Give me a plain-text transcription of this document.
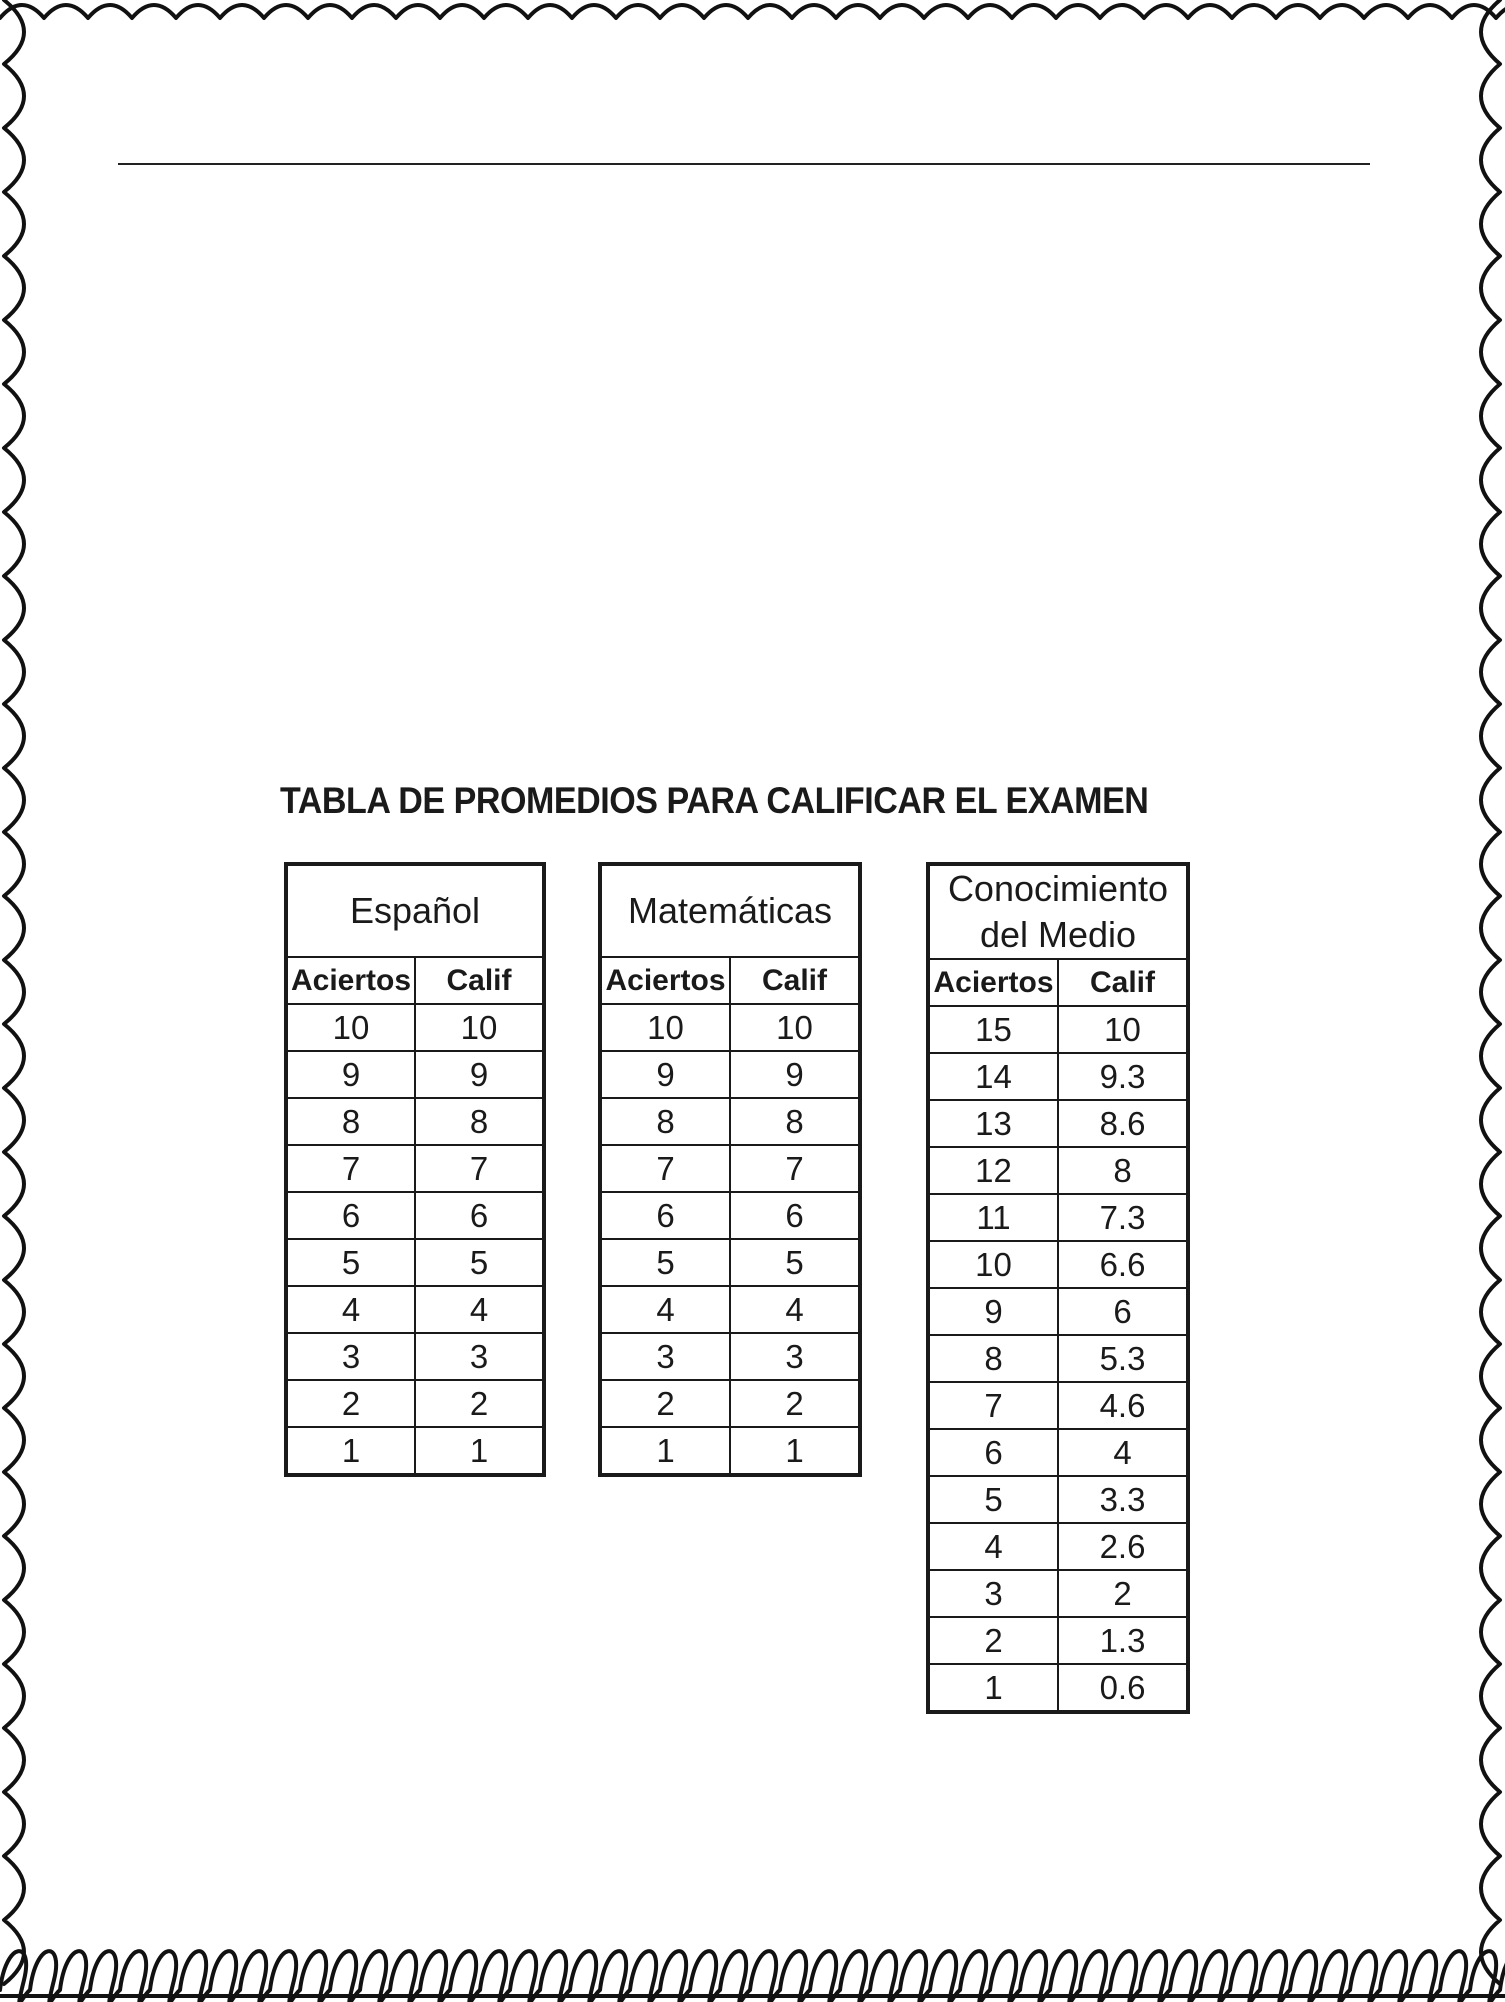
TABLA DE PROMEDIOS PARA CALIFICAR EL EXAMEN
Español	
Aciertos	Calif
10	10
9	9
8	8
7	7
6	6
5	5
4	4
3	3
2	2
1	1
Matemáticas	
Aciertos	Calif
10	10
9	9
8	8
7	7
6	6
5	5
4	4
3	3
2	2
1	1
Conocimiento
del Medio	
Aciertos	Calif
15	10
14	9.3
13	8.6
12	8
11	7.3
10	6.6
9	6
8	5.3
7	4.6
6	4
5	3.3
4	2.6
3	2
2	1.3
1	0.6
